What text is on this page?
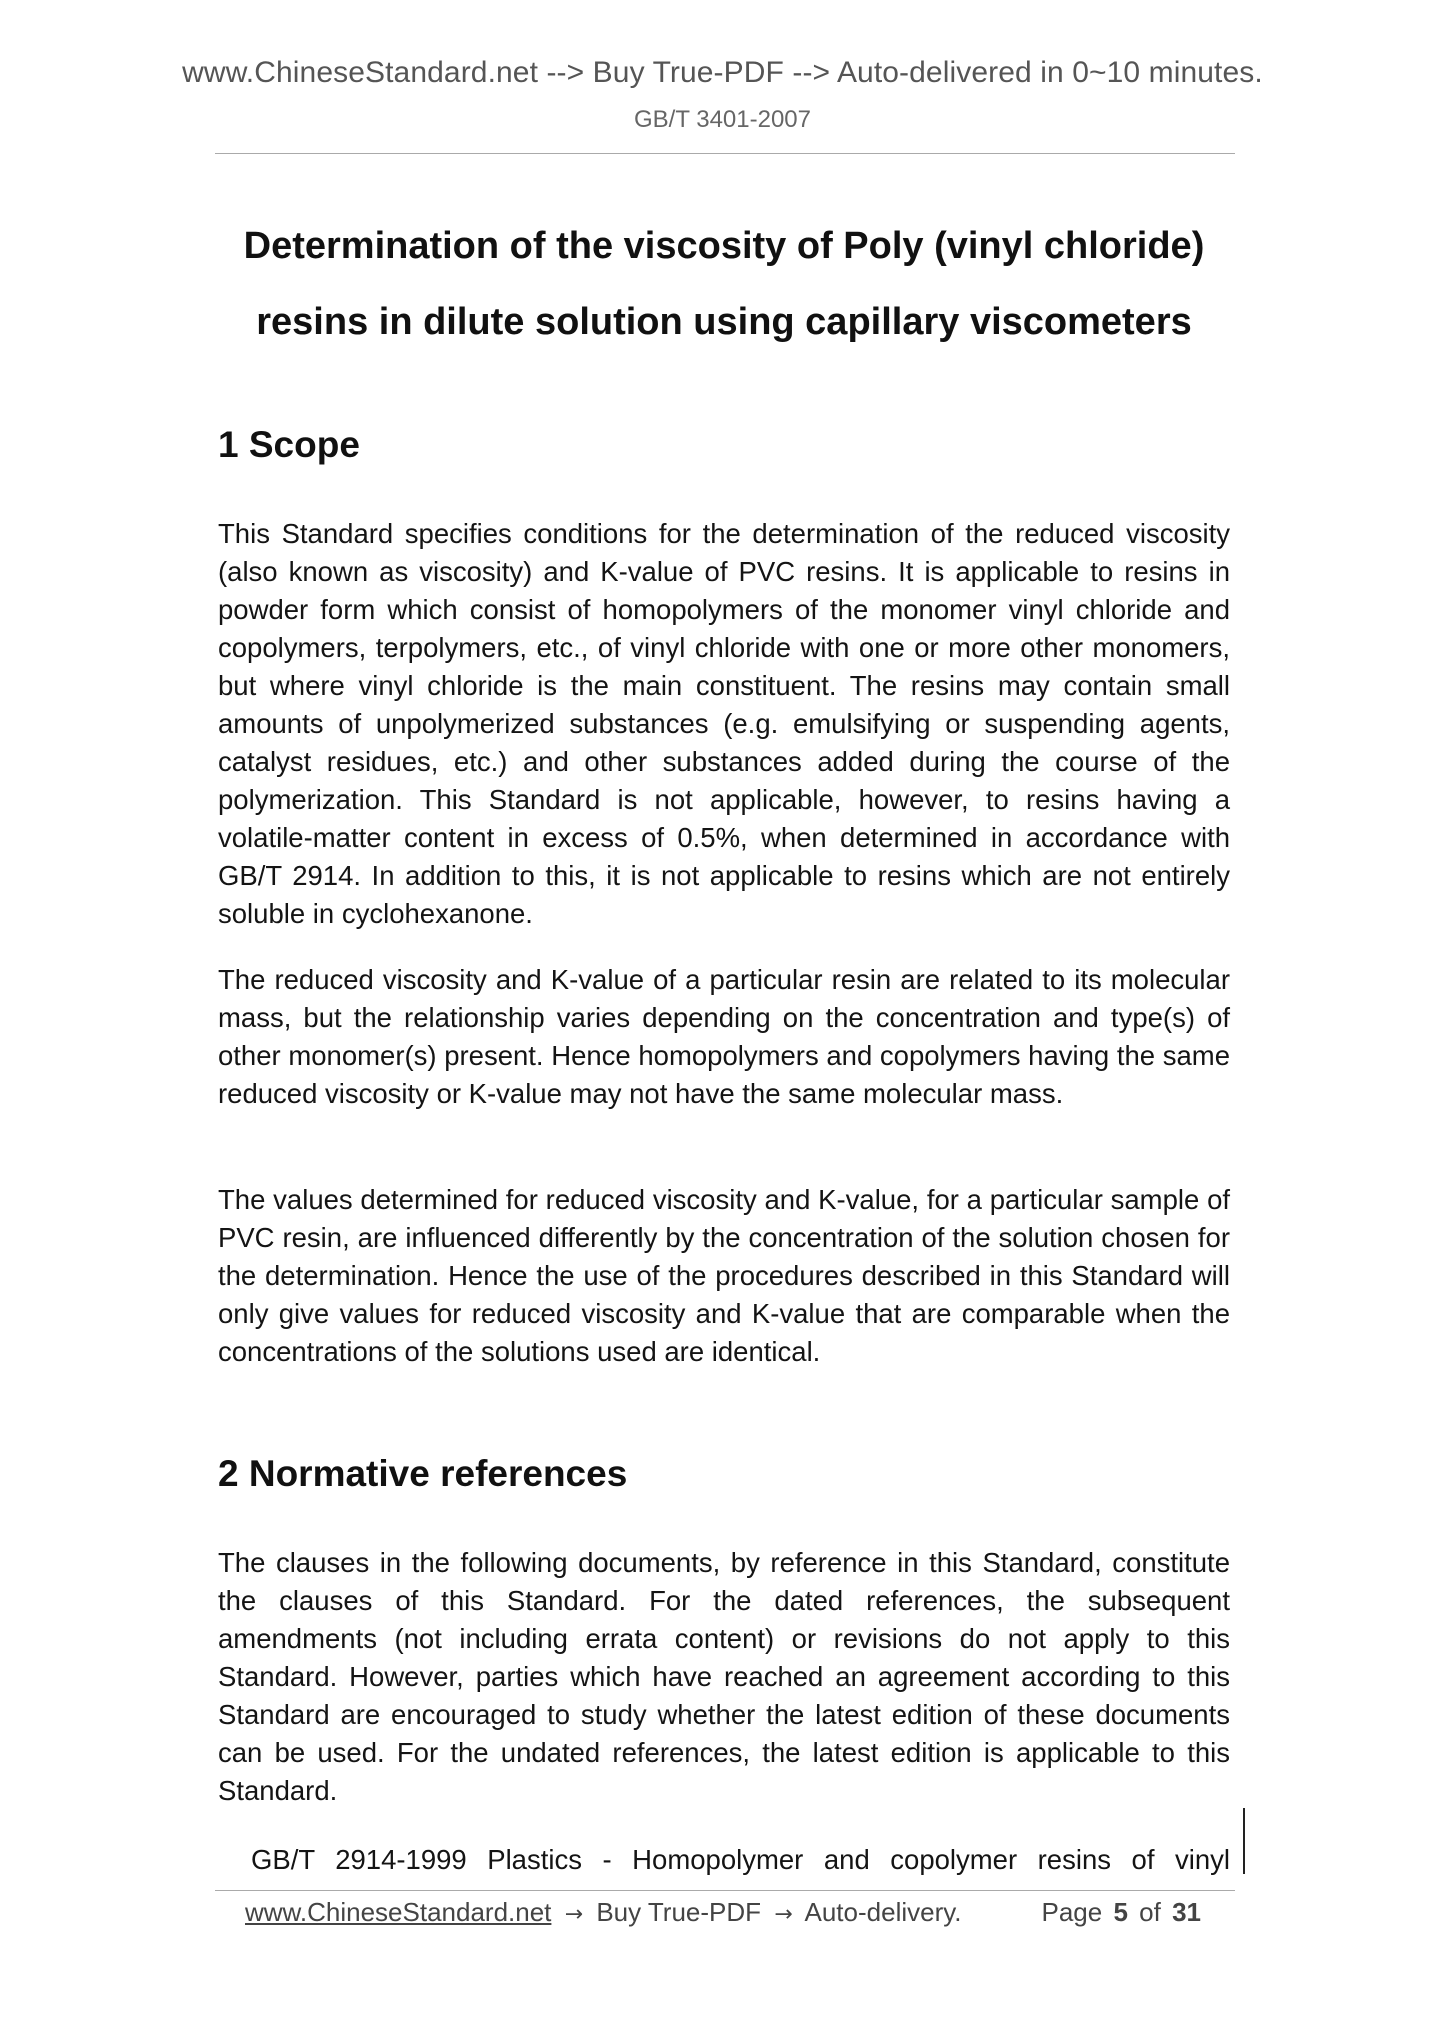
www.ChineseStandard.net --> Buy True-PDF --> Auto-delivered in 0~10 minutes.
GB/T 3401-2007
Determination of the viscosity of Poly (vinyl chloride)
resins in dilute solution using capillary viscometers
1 Scope

This Standard specifies conditions for the determination of the reduced viscosity (also known as viscosity) and K-value of PVC resins. It is applicable to resins in powder form which consist of homopolymers of the monomer vinyl chloride and copolymers, terpolymers, etc., of vinyl chloride with one or more other monomers, but where vinyl chloride is the main constituent. The resins may contain small amounts of unpolymerized substances (e.g. emulsifying or suspending agents, catalyst residues, etc.) and other substances added during the course of the polymerization. This Standard is not applicable, however, to resins having a volatile-matter content in excess of 0.5%, when determined in accordance with GB/T 2914. In addition to this, it is not applicable to resins which are not entirely soluble in cyclohexanone.

The reduced viscosity and K-value of a particular resin are related to its molecular mass, but the relationship varies depending on the concentration and type(s) of other monomer(s) present. Hence homopolymers and copolymers having the same reduced viscosity or K-value may not have the same molecular mass.

The values determined for reduced viscosity and K-value, for a particular sample of PVC resin, are influenced differently by the concentration of the solution chosen for the determination. Hence the use of the procedures described in this Standard will only give values for reduced viscosity and K-value that are comparable when the concentrations of the solutions used are identical.

2 Normative references

The clauses in the following documents, by reference in this Standard, constitute the clauses of this Standard. For the dated references, the subsequent amendments (not including errata content) or revisions do not apply to this Standard. However, parties which have reached an agreement according to this Standard are encouraged to study whether the latest edition of these documents can be used. For the undated references, the latest edition is applicable to this Standard.

GB/T 2914-1999 Plastics - Homopolymer and copolymer resins of vinyl
www.ChineseStandard.net → Buy True-PDF → Auto-delivery.	Page 5 of 31
